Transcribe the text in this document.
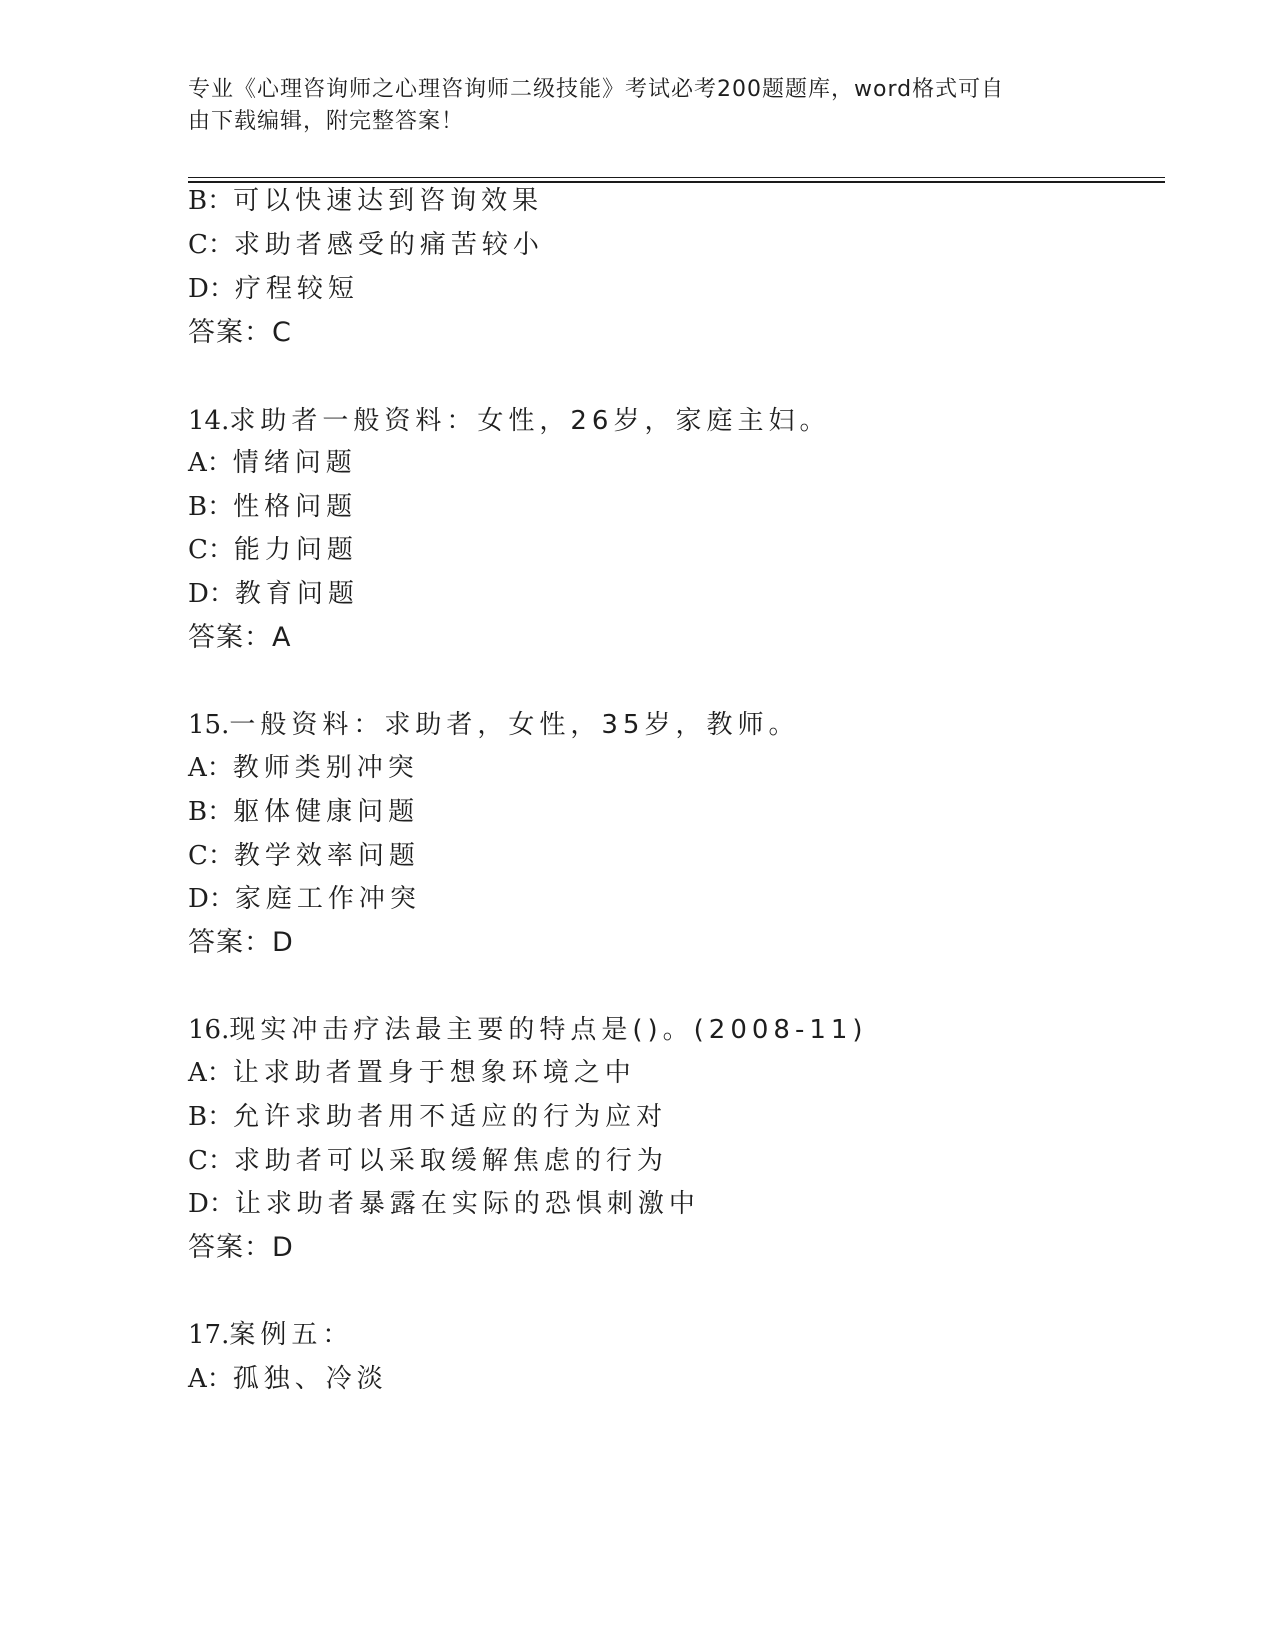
专业《心理咨询师之心理咨询师二级技能》考试必考200题题库，word格式可自
由下载编辑，附完整答案！
B：可以快速达到咨询效果
C：求助者感受的痛苦较小
D：疗程较短
答案：C
14.求助者一般资料：女性，26岁，家庭主妇。
A：情绪问题
B：性格问题
C：能力问题
D：教育问题
答案：A
15.一般资料：求助者，女性，35岁，教师。
A：教师类别冲突
B：躯体健康问题
C：教学效率问题
D：家庭工作冲突
答案：D
16.现实冲击疗法最主要的特点是()。(2008-11)
A：让求助者置身于想象环境之中
B：允许求助者用不适应的行为应对
C：求助者可以采取缓解焦虑的行为
D：让求助者暴露在实际的恐惧刺激中
答案：D
17.案例五：
A：孤独、冷淡
